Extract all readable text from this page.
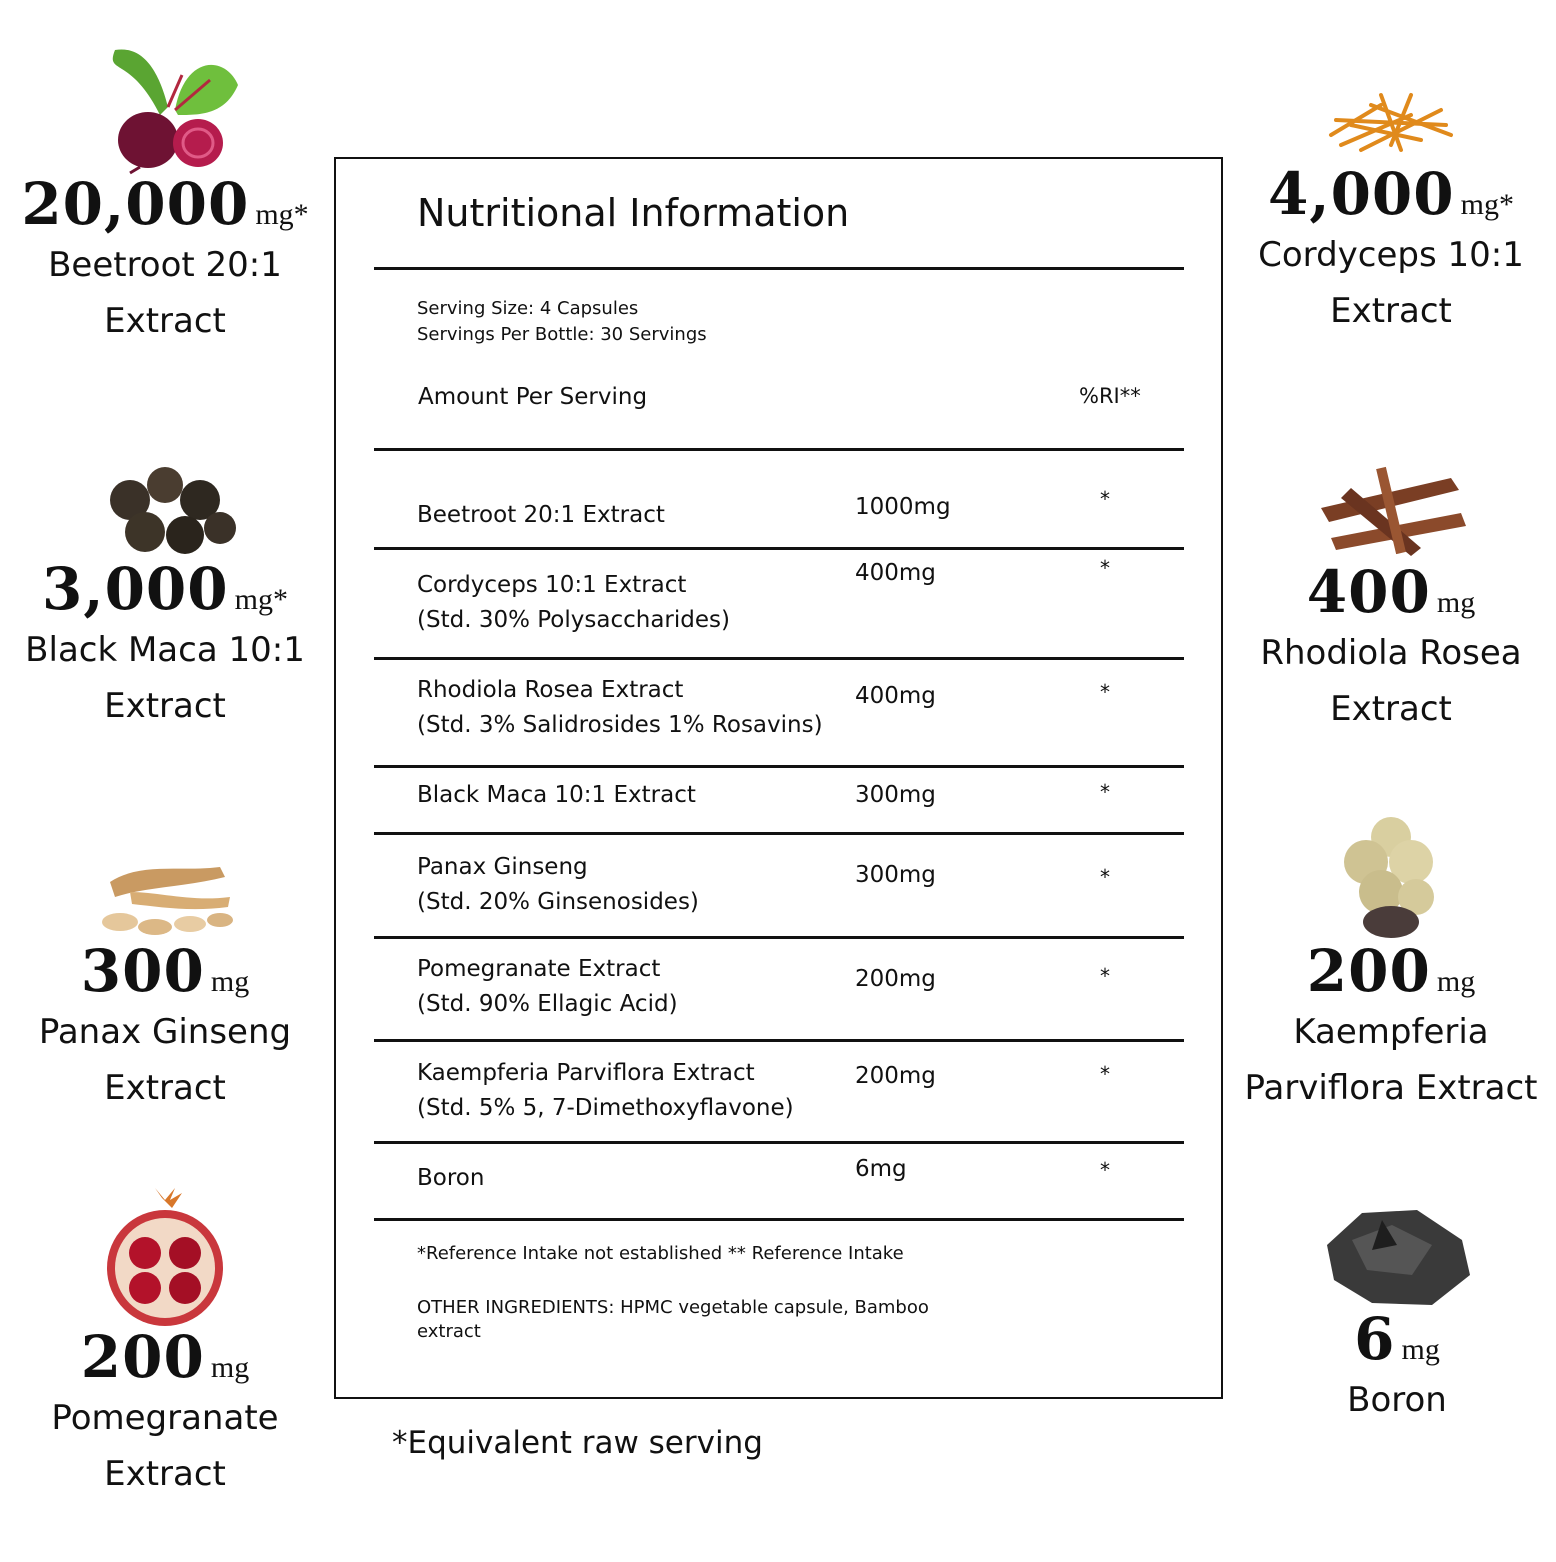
20,000 mg*
Beetroot 20:1
Extract
3,000 mg*
Black Maca 10:1
Extract
300 mg
Panax Ginseng
Extract
200 mg
Pomegranate
Extract
4,000 mg*
Cordyceps 10:1
Extract
400 mg
Rhodiola Rosea
Extract
200 mg
Kaempferia
Parviflora Extract
6 mg
Boron
Nutritional Information
Serving Size: 4 Capsules
Servings Per Bottle: 30 Servings
Amount Per Serving	%RI**
Beetroot 20:1 Extract	1000mg	*
Cordyceps 10:1 Extract
(Std. 30% Polysaccharides)
400mg	*
Rhodiola Rosea Extract
(Std. 3% Salidrosides 1% Rosavins)
400mg	*
Black Maca 10:1 Extract	300mg	*
Panax Ginseng
(Std. 20% Ginsenosides)
300mg	*
Pomegranate Extract
(Std. 90% Ellagic Acid)
200mg	*
Kaempferia Parviflora Extract
(Std. 5% 5, 7-Dimethoxyflavone)
200mg	*
Boron	6mg	*
*Reference Intake not established ** Reference Intake
OTHER INGREDIENTS: HPMC vegetable capsule, Bamboo extract
*Equivalent raw serving
